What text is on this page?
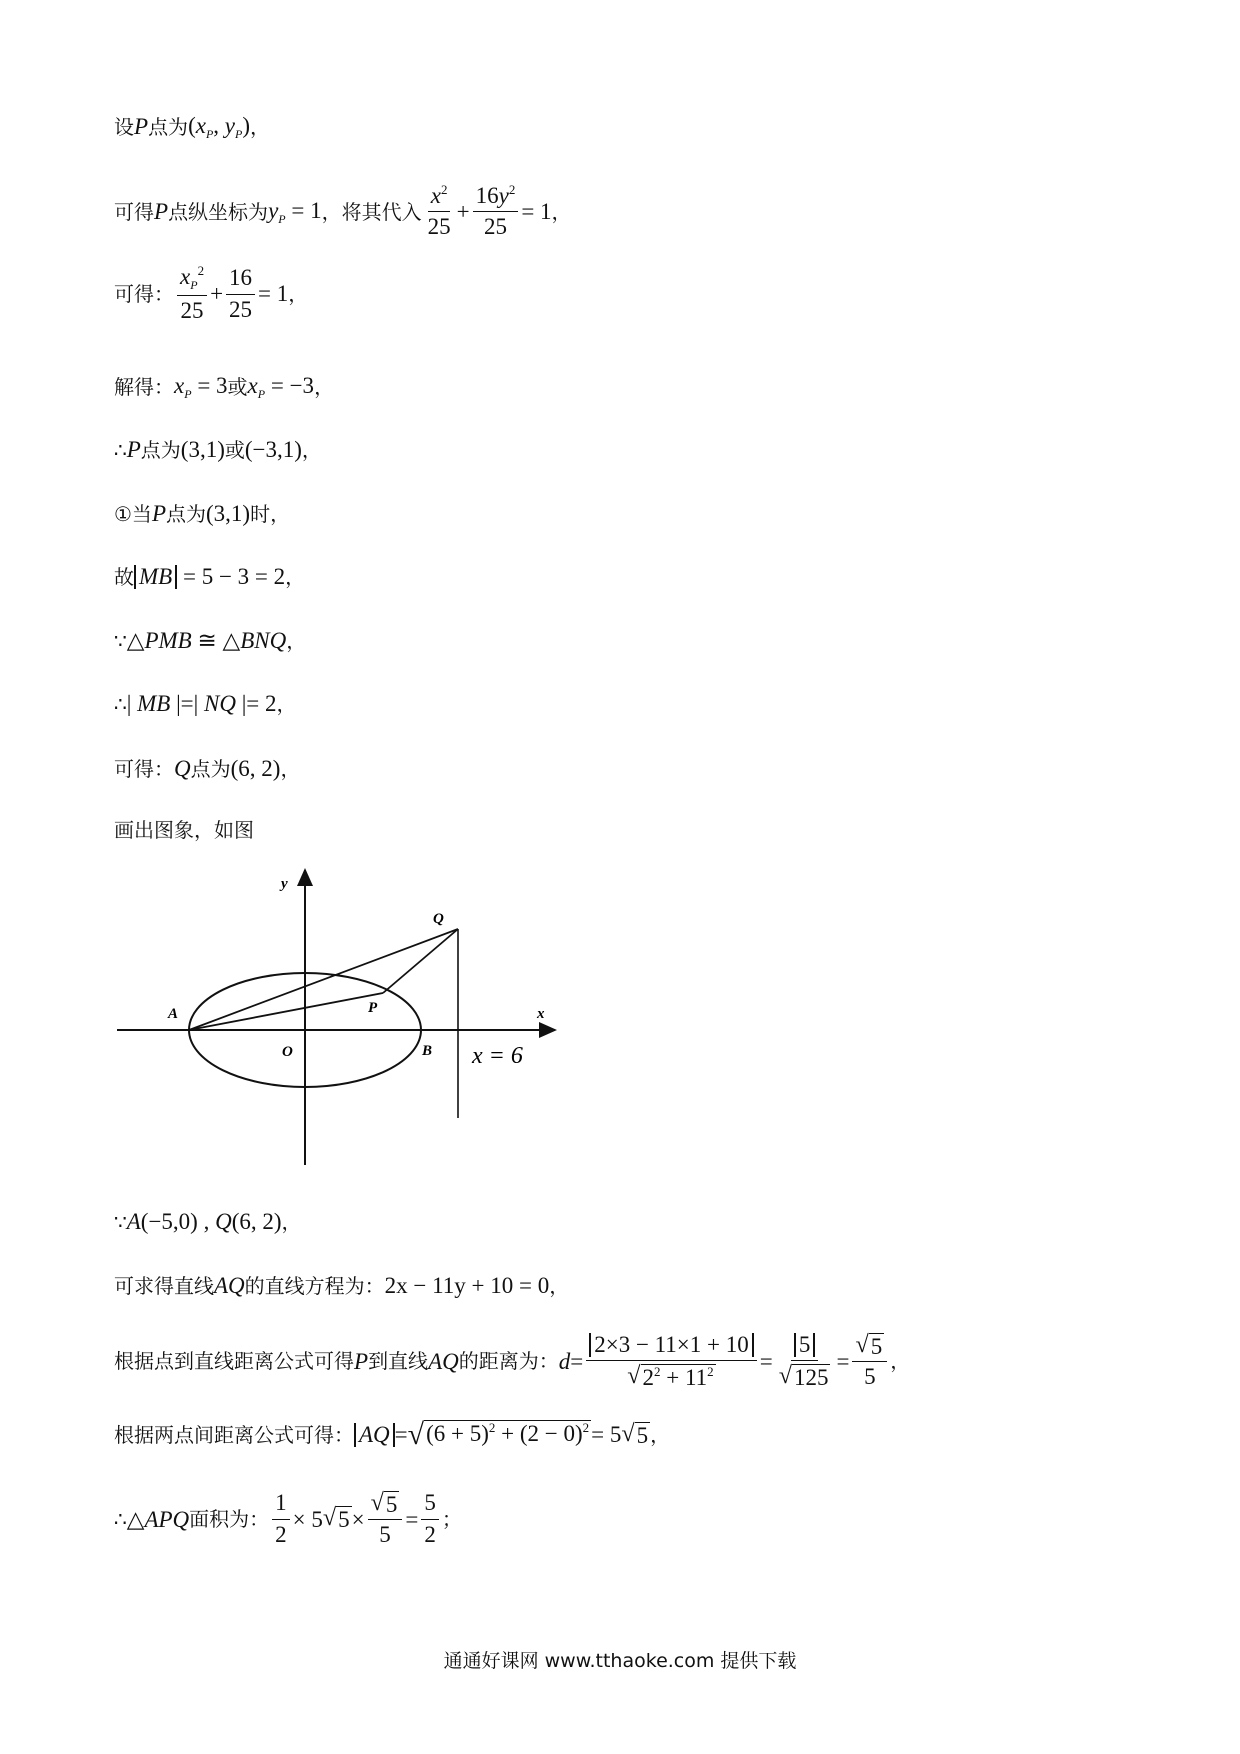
设 P 点为 ($x_P$, $y_P$) ，
可得 P 点纵坐标为 $y_P = 1$ ，将其代入 $\frac{x^2}{25} + \frac{16y^2}{25} = 1$ ，
可得： $\frac{x_P^2}{25} + \frac{16}{25} = 1$ ，
解得： $x_P = 3$ 或 $x_P = -3$ ，
∴ P 点为 (3,1) 或 (−3,1) ，
①当 P 点为 (3,1) 时，
故 MB = 5 − 3 = 2 ，
∵ △PMB ≅ △BNQ ，
∴ | MB |=| NQ |= 2 ，
可得： Q 点为 (6, 2) ，
画出图象，如图
y
x
A
O	B
P
Q
x = 6
∵ A(−5,0) , Q(6, 2) ，
可求得直线 AQ 的直线方程为： 2x − 11y + 10 = 0 ，
根据点到直线距离公式可得 P 到直线 AQ 的距离为： $d = \frac{2\times 3 - 11\times 1 + 10}{√ 2^2 + 11^2} = \frac{5}{√ 125} = \frac{√ 5}{5}$ ，
根据两点间距离公式可得： AQ = √ $(6 + 5)^2 + (2 - 0)^2 = 5$ √ 5 ，
∴ △APQ 面积为： $\frac{1}{2} \times 5$ √ $5 \times \frac{√ 5}{5} = \frac{5}{2}$ ；
通通好课网 www.tthaoke.com 提供下载
